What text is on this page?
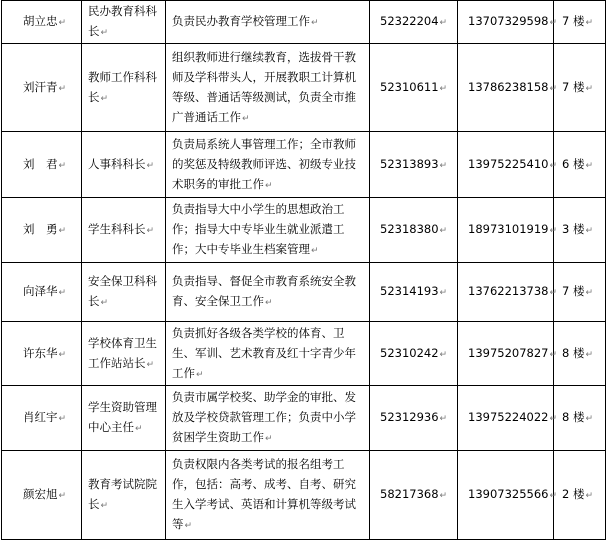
胡立忠↵	民办教育科科长↵	负责民办教育学校管理工作↵	52322204↵	13707329598↵	7 楼↵
刘汗青↵	教师工作科科长↵	组织教师进行继续教育，选拔骨干教师及学科带头人，开展教职工计算机等级、普通话等级测试，负责全市推广普通话工作↵	52310611↵	13786238158↵	7 楼↵
刘　君↵	人事科科长↵	负责局系统人事管理工作；全市教师的奖惩及特级教师评选、初级专业技术职务的审批工作↵	52313893↵	13975225410↵	6 楼↵
刘　勇↵	学生科科长↵	负责指导大中小学生的思想政治工作；指导大中专毕业生就业派遣工作；大中专毕业生档案管理↵	52318380↵	18973101919↵	3 楼↵
向泽华↵	安全保卫科科长↵	负责指导、督促全市教育系统安全教育、安全保卫工作↵	52314193↵	13762213738↵	7 楼↵
许东华↵	学校体育卫生工作站站长↵	负责抓好各级各类学校的体育、卫生、军训、艺术教育及红十字青少年工作↵	52310242↵	13975207827↵	8 楼↵
肖红宇↵	学生资助管理中心主任↵	负责市属学校奖、助学金的审批、发放及学校贷款管理工作；负责中小学贫困学生资助工作↵	52312936↵	13975224022↵	8 楼↵
颜宏旭↵	教育考试院院长↵	负责权限内各类考试的报名组考工作，包括：高考、成考、自考、研究生入学考试、英语和计算机等级考试等↵	58217368↵	13907325566↵	2 楼↵
